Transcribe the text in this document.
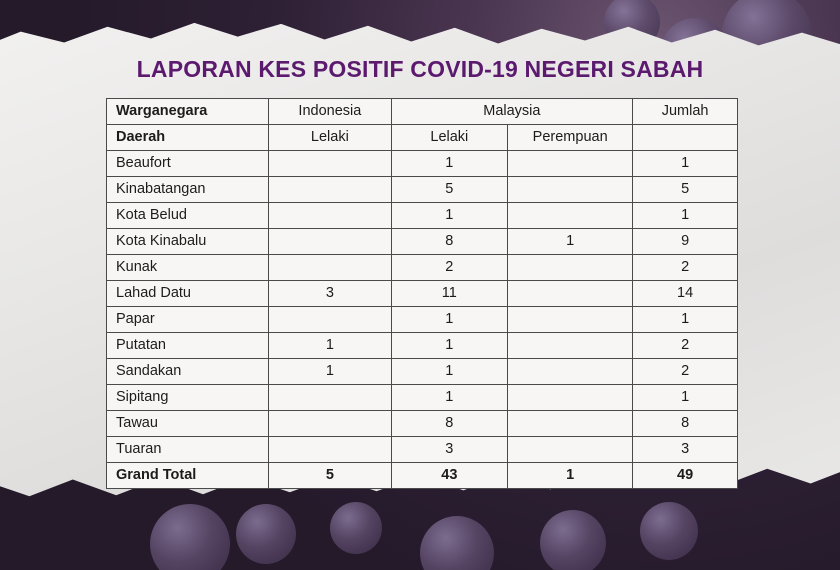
LAPORAN KES POSITIF COVID-19 NEGERI SABAH
Warganegara	Indonesia	Malaysia		Jumlah
Daerah	Lelaki	Lelaki	Perempuan	
Beaufort		1		1
Kinabatangan		5		5
Kota Belud		1		1
Kota Kinabalu		8	1	9
Kunak		2		2
Lahad Datu	3	11		14
Papar		1		1
Putatan	1	1		2
Sandakan	1	1		2
Sipitang		1		1
Tawau		8		8
Tuaran		3		3
Grand Total	5	43	1	49
